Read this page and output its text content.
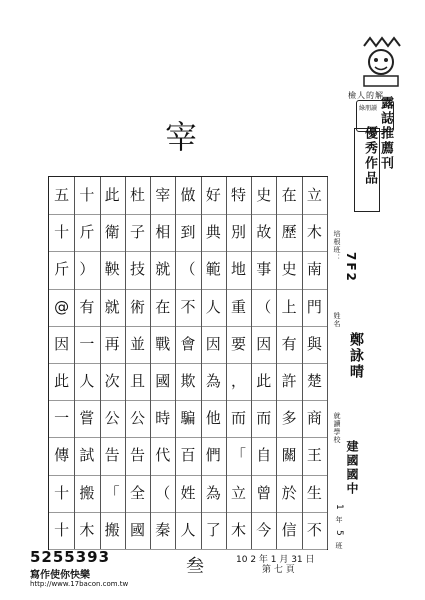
檢人的解
綠朋讀 露誌推薦刊
優秀作品
宰
立
木
南
門
與
楚
商
王
生
不
在
歷
史
上
有
許
多
關
於
信
史
故
事
（
因
此
而
自
曾
今
特
別
地
重
要
，
而
「
立
木
好
典
範
人
因
為
他
們
為
了
做
到
（
不
會
欺
騙
百
姓
人
宰
相
就
在
戰
國
時
代
（
秦
杜
子
技
術
並
且
公
告
全
國
此
衛
鞅
就
再
次
公
告
「
搬
十
斤
）
有
一
人
嘗
試
搬
木
五
十
斤
@
因
此
一
傳
十
十
培根班：
7F2
姓名
鄭詠晴
就讀學校
建國國中
1
年
5
班
5255393
寫作使你快樂
http://www.17bacon.com.tw
叁	10 2 年 1 月 31 日
第 七 頁
